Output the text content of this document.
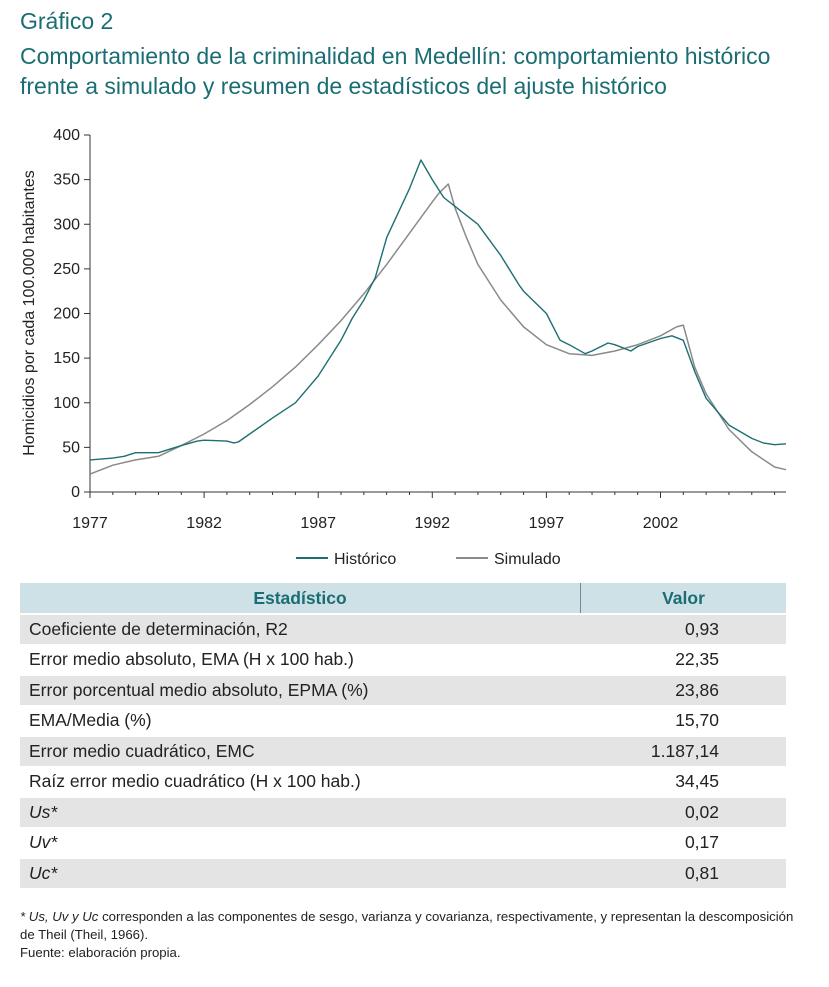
Gráfico 2
Comportamiento de la criminalidad en Medellín: comportamiento histórico frente a simulado y resumen de estadísticos del ajuste histórico
0
50
100
150
200
250
300
350
400
1977	1982	1987	1992	1997	2002
Homicidios por cada 100.000 habitantes
Histórico	Simulado
Estadístico	Valor
Coeficiente de determinación, R2	0,93
Error medio absoluto, EMA (H x 100 hab.)	22,35
Error porcentual medio absoluto, EPMA (%)	23,86
EMA/Media (%)	15,70
Error medio cuadrático, EMC	1.187,14
Raíz error medio cuadrático (H x 100 hab.)	34,45
Us*	0,02
Uv*	0,17
Uc*	0,81

* Us, Uv y Uc corresponden a las componentes de sesgo, varianza y covarianza, respectivamente, y representan la descomposición de Theil (Theil, 1966).

Fuente: elaboración propia.
